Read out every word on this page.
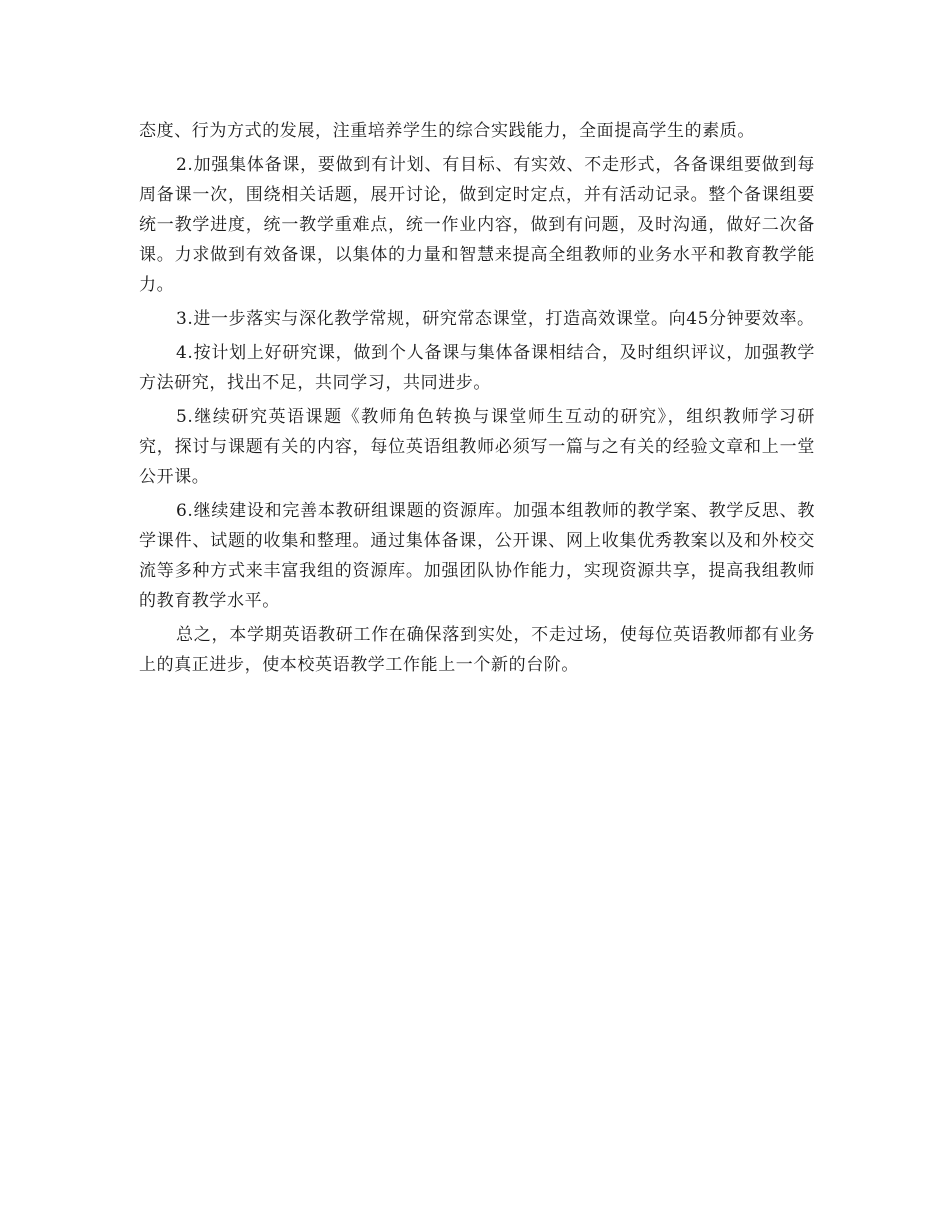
态度、行为方式的发展，注重培养学生的综合实践能力，全面提高学生的素质。

2.加强集体备课，要做到有计划、有目标、有实效、不走形式，各备课组要做到每周备课一次，围绕相关话题，展开讨论，做到定时定点，并有活动记录。整个备课组要统一教学进度，统一教学重难点，统一作业内容，做到有问题，及时沟通，做好二次备课。力求做到有效备课，以集体的力量和智慧来提高全组教师的业务水平和教育教学能力。

3.进一步落实与深化教学常规，研究常态课堂，打造高效课堂。向45分钟要效率。

4.按计划上好研究课，做到个人备课与集体备课相结合，及时组织评议，加强教学方法研究，找出不足，共同学习，共同进步。

5.继续研究英语课题《教师角色转换与课堂师生互动的研究》，组织教师学习研究，探讨与课题有关的内容，每位英语组教师必须写一篇与之有关的经验文章和上一堂公开课。

6.继续建设和完善本教研组课题的资源库。加强本组教师的教学案、教学反思、教学课件、试题的收集和整理。通过集体备课，公开课、网上收集优秀教案以及和外校交流等多种方式来丰富我组的资源库。加强团队协作能力，实现资源共享，提高我组教师的教育教学水平。

总之，本学期英语教研工作在确保落到实处，不走过场，使每位英语教师都有业务上的真正进步，使本校英语教学工作能上一个新的台阶。
